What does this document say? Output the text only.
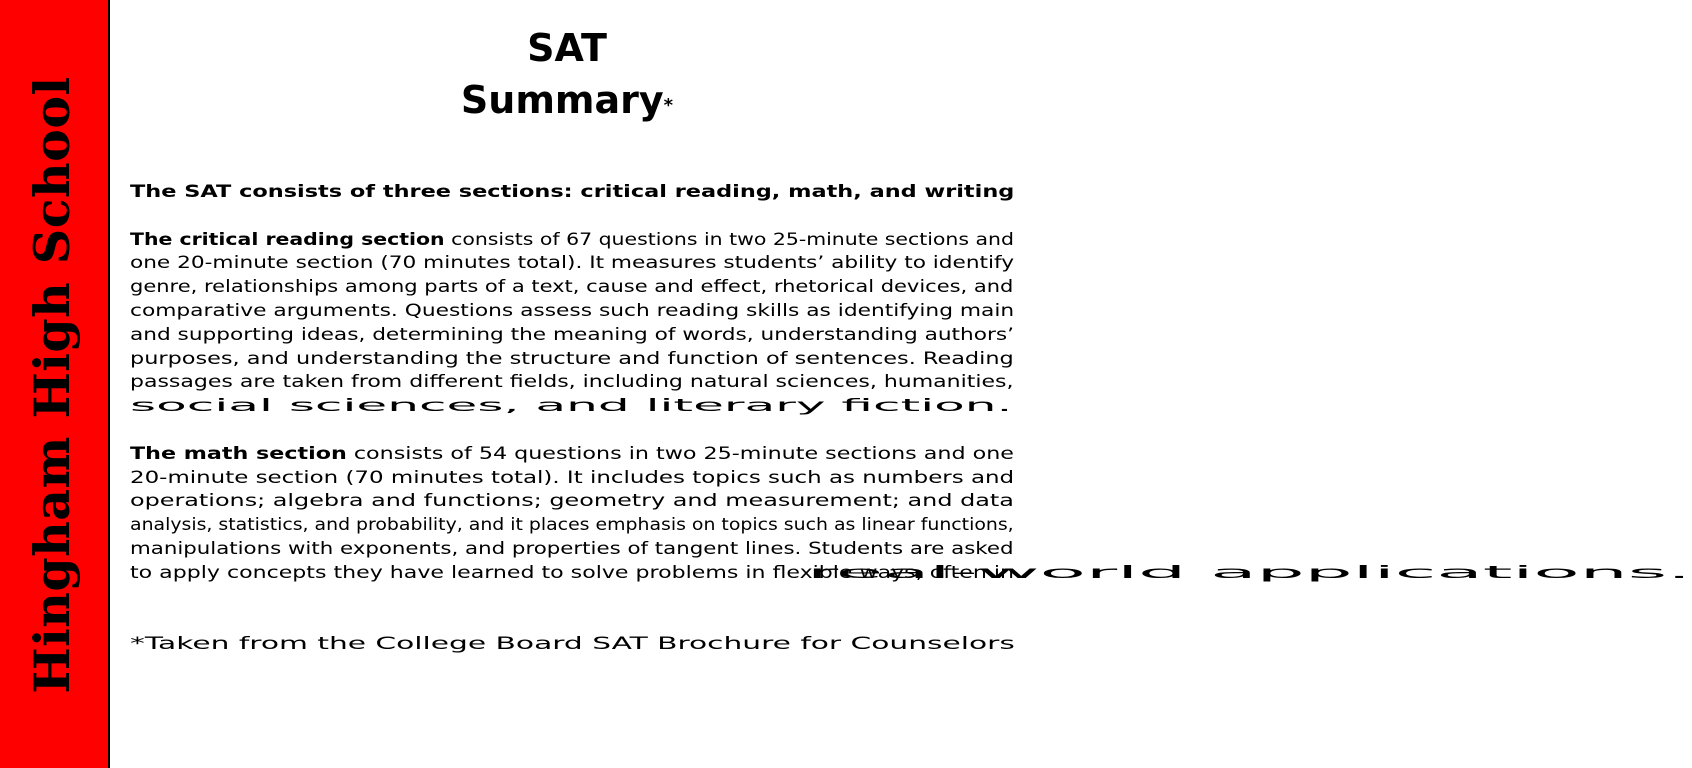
Hingham High School
SAT
Summary*
The SAT consists of three sections: critical reading, math, and writing
The critical reading section consists of 67 questions in two 25-minute sections and one 20-minute section (70 minutes total). It measures students’ ability to identify genre, relationships among parts of a text, cause and effect, rhetorical devices, and comparative arguments. Questions assess such reading skills as identifying main and supporting ideas, determining the meaning of words, understanding authors’ purposes, and understanding the structure and function of sentences. Reading passages are taken from different fields, including natural sciences, humanities, social sciences, and literary fiction.
The math section consists of 54 questions in two 25-minute sections and one 20-minute section (70 minutes total). It includes topics such as numbers and operations; algebra and functions; geometry and measurement; and data analysis, statistics, and probability, and it places emphasis on topics such as linear functions, manipulations with exponents, and properties of tangent lines. Students are asked to apply concepts they have learned to solve problems in flexible ways, often in real-world applications.
*Taken from the College Board SAT Brochure for Counselors
